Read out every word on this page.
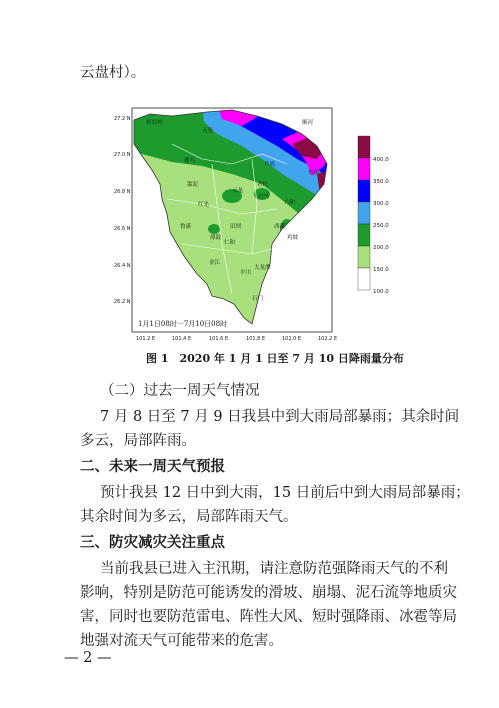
云盘村）。
27.2 N
27.0 N
26.8 N
26.6 N
26.4 N
26.2 N
101.2 E	101.4 E	101.6 E	101.8 E	102.0 E	102.2 E
杉岩村
天星
顺河
鹿马
芦鸠
滥泥
东南
云龙
者松
白马
红光	六和
鲁溪	田坝	西溪
漂鼓	鸡坡
仁和
金江
大龙潭
平川
石门
1月1日08时一7月10日08时
400.0
350.0
300.0
250.0
200.0
150.0
100.0
图 1　2020 年 1 月 1 日至 7 月 10 日降雨量分布
（二）过去一周天气情况
7 月 8 日至 7 月 9 日我县中到大雨局部暴雨；其余时间
多云，局部阵雨。
二、未来一周天气预报
预计我县 12 日中到大雨，15 日前后中到大雨局部暴雨；
其余时间为多云，局部阵雨天气。
三、防灾减灾关注重点
当前我县已进入主汛期，请注意防范强降雨天气的不利
影响，特别是防范可能诱发的滑坡、崩塌、泥石流等地质灾
害，同时也要防范雷电、阵性大风、短时强降雨、冰雹等局
地强对流天气可能带来的危害。
— 2 —
